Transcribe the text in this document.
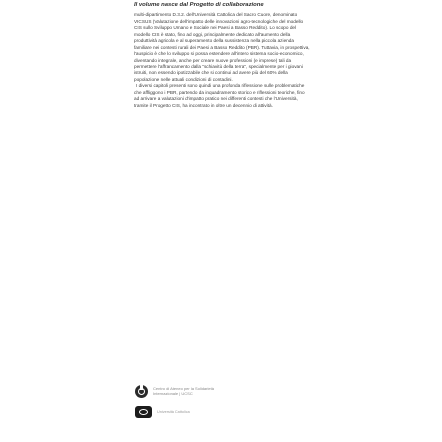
Il volume nasce dal Progetto di collaborazione

multi-dipartimento D.3.2. dell'Università Cattolica del Sacro Cuore, denominato VICSUS (Valutazione dell'impatto delle innovazioni agro-tecnologiche del modello CIS sullo Sviluppo Umano e Sociale nei Paesi a Basso Reddito). Lo scopo del modello CIS è stato, fino ad oggi, principalmente dedicato all'aumento della produttività agricola e al superamento della sussistenza nella piccola azienda familiare nei contesti rurali dei Paesi a Basso Reddito (PBR). Tuttavia, in prospettiva, l'auspicio è che lo sviluppo si possa estendere all'intero sistema socio-economico, diventando integrale, anche per creare nuove professioni (e imprese) tali da permettere l'affrancamento dalla "schiavitù della terra", specialmente per i giovani istruiti, non essendo ipotizzabile che si continui ad avere più del 60% della popolazione nelle attuali condizioni di contadini.

I diversi capitoli presenti sono quindi una profonda riflessione sulle problematiche che affliggono i PBR, partendo da inquadramento storico e riflessioni teoriche, fino ad arrivare a valutazioni d'impatto pratico nei differenti contesti che l'Università, tramite il Progetto CIS, ha incontrato in oltre un decennio di attività.

Centro di Ateneo per la Solidarietà
Internazionale | UCSC
Università Cattolica
